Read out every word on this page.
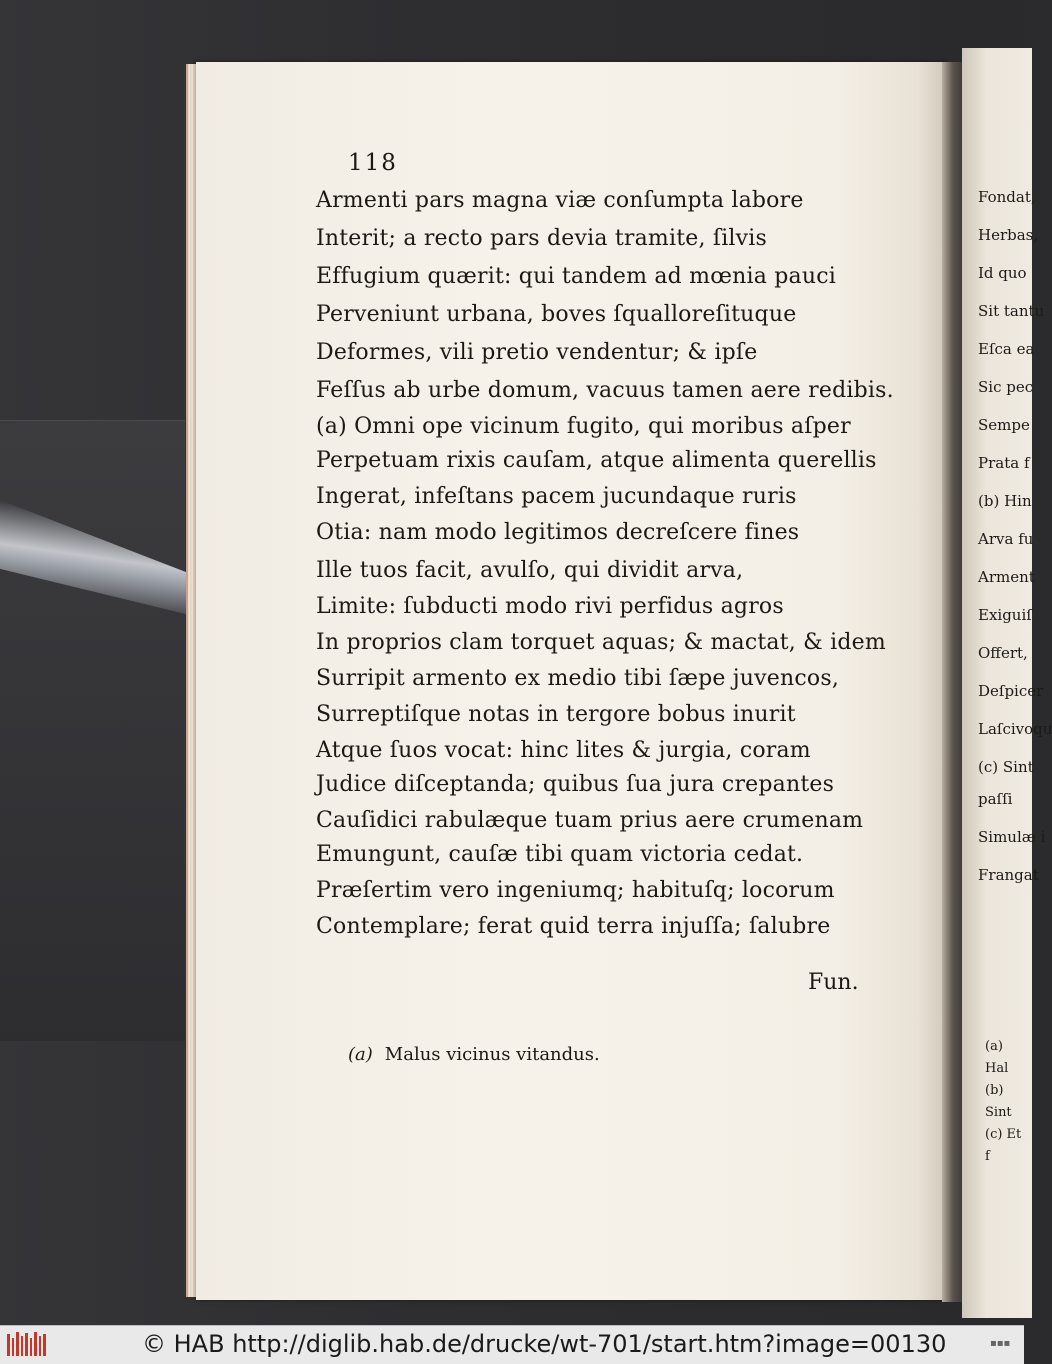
Fondat,
Herbas,
Id quo
Sit tantu
Eſca ea
Sic pec
Sempe
Prata f
(b) Hin
Arva fu
Arment
Exiguiſ
Offert,
Deſpicer
Laſcivoqu
(c) Sint
paſſi
Simulæ i
Frangat
(a) Hal
(b) Sint
(c) Et f
118
Armenti pars magna viæ conſumpta labore
Interit; a recto pars devia tramite, ſilvis
Effugium quærit: qui tandem ad mœnia pauci
Perveniunt urbana, boves ſqualloreſituque
Deformes, vili pretio vendentur; & ipſe
Feſſus ab urbe domum, vacuus tamen aere redibis.
(a) Omni ope vicinum fugito, qui moribus aſper
Perpetuam rixis cauſam, atque alimenta querellis
Ingerat, infeſtans pacem jucundaque ruris
Otia: nam modo legitimos decreſcere fines
Ille tuos facit, avulſo, qui dividit arva,
Limite: ſubducti modo rivi perfidus agros
In proprios clam torquet aquas; & mactat, & idem
Surripit armento ex medio tibi ſæpe juvencos,
Surreptiſque notas in tergore bobus inurit
Atque ſuos vocat: hinc lites & jurgia, coram
Judice diſceptanda; quibus ſua jura crepantes
Cauſidici rabulæque tuam prius aere crumenam
Emungunt, cauſæ tibi quam victoria cedat.
Præſertim vero ingeniumq; habituſq; locorum
Contemplare; ferat quid terra injuſſa; ſalubre
Fun.
(a) Malus vicinus vitandus.
© HAB http://diglib.hab.de/drucke/wt-701/start.htm?image=00130	▪▪▪
